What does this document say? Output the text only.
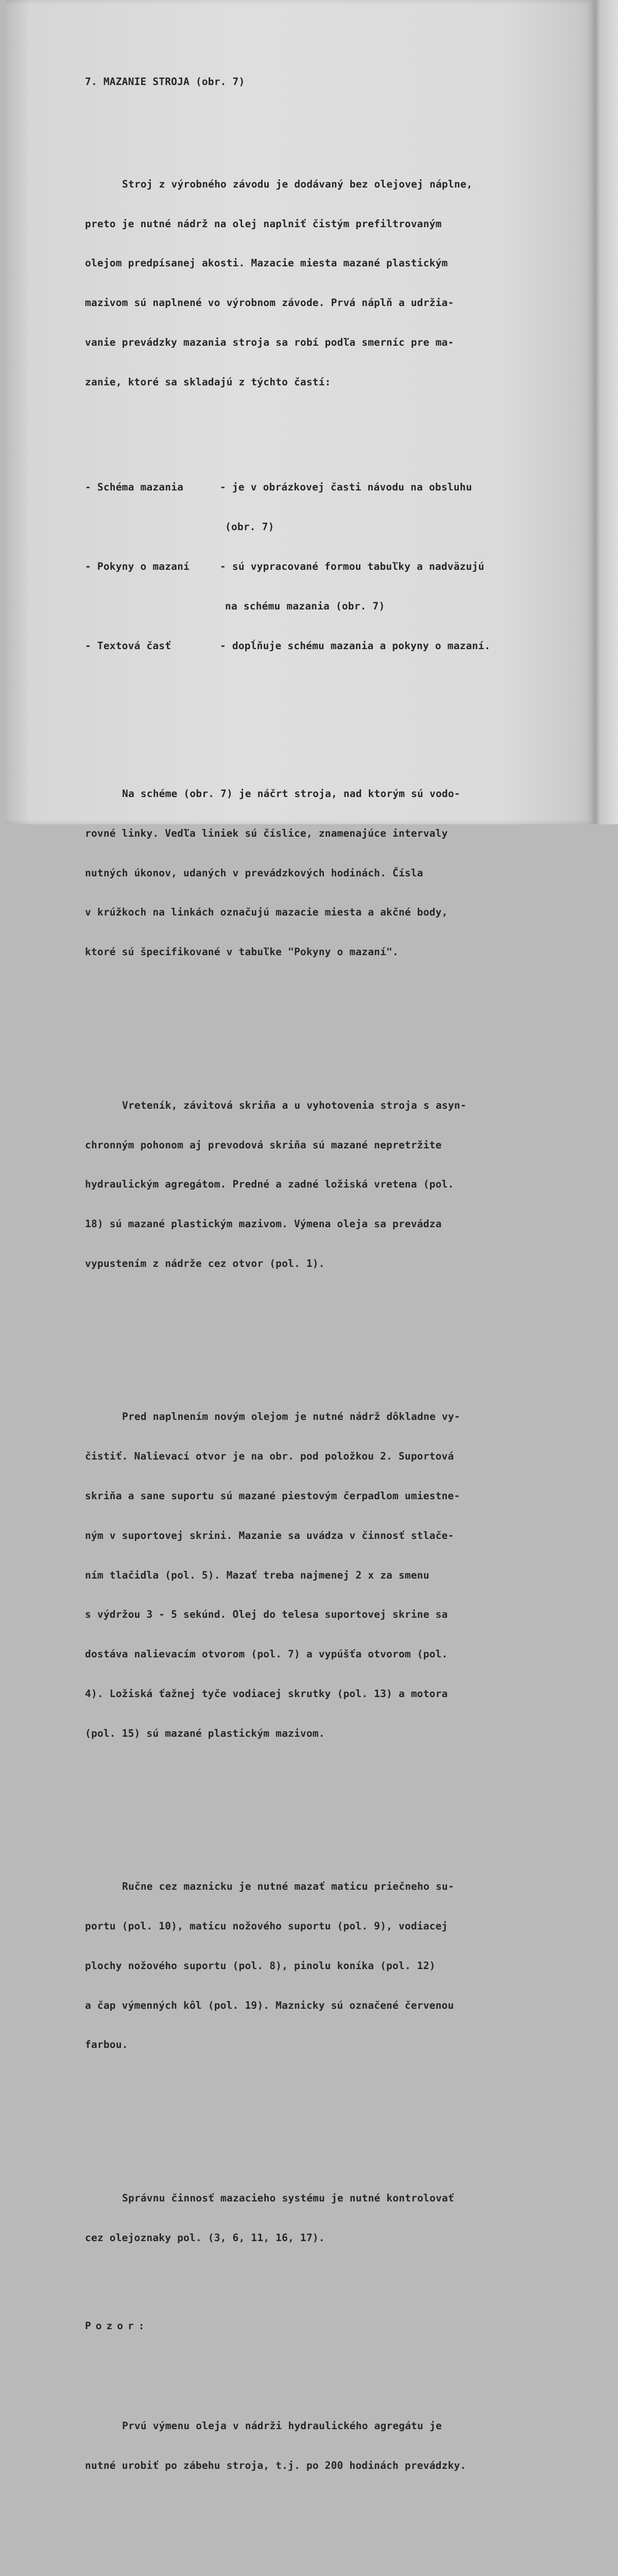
7. MAZANIE STROJA (obr. 7)

Stroj z výrobného závodu je dodávaný bez olejovej náplne,

preto je nutné nádrž na olej naplniť čistým prefiltrovaným

olejom predpísanej akosti. Mazacie miesta mazané plastickým

mazivom sú naplnené vo výrobnom závode. Prvá náplň a udržia-

vanie prevádzky mazania stroja sa robí podľa smerníc pre ma-

zanie, ktoré sa skladajú z týchto častí:

- Schéma mazania	- je v obrázkovej časti návodu na obsluhu

(obr. 7)

- Pokyny o mazaní	- sú vypracované formou tabuľky a nadväzujú

na schému mazania (obr. 7)

- Textová časť	- dopĺňuje schému mazania a pokyny o mazaní.

Na schéme (obr. 7) je náčrt stroja, nad ktorým sú vodo-

rovné linky. Vedľa liniek sú číslice, znamenajúce intervaly

nutných úkonov, udaných v prevádzkových hodinách. Čísla

v krúžkoch na linkách označujú mazacie miesta a akčné body,

ktoré sú špecifikované v tabuľke "Pokyny o mazaní".

Vreteník, závitová skriňa a u vyhotovenia stroja s asyn-

chronným pohonom aj prevodová skriňa sú mazané nepretržite

hydraulickým agregátom. Predné a zadné ložiská vretena (pol.

18) sú mazané plastickým mazivom. Výmena oleja sa prevádza

vypustením z nádrže cez otvor (pol. 1).

Pred naplnením novým olejom je nutné nádrž dôkladne vy-

čistiť. Nalievací otvor je na obr. pod položkou 2. Suportová

skriňa a sane suportu sú mazané piestovým čerpadlom umiestne-

ným v suportovej skrini. Mazanie sa uvádza v činnosť stlače-

ním tlačidla (pol. 5). Mazať treba najmenej 2 x za smenu

s výdržou 3 - 5 sekúnd. Olej do telesa suportovej skrine sa

dostáva nalievacím otvorom (pol. 7) a vypúšťa otvorom (pol.

4). Ložiská ťažnej tyče vodiacej skrutky (pol. 13) a motora

(pol. 15) sú mazané plastickým mazivom.

Ručne cez maznicku je nutné mazať maticu priečneho su-

portu (pol. 10), maticu nožového suportu (pol. 9), vodiacej

plochy nožového suportu (pol. 8), pinolu koníka (pol. 12)

a čap výmenných kôl (pol. 19). Maznicky sú označené červenou

farbou.

Správnu činnosť mazacieho systému je nutné kontrolovať

cez olejoznaky pol. (3, 6, 11, 16, 17).

Pozor:

Prvú výmenu oleja v nádrži hydraulického agregátu je

nutné urobiť po zábehu stroja, t.j. po 200 hodinách prevádzky.
